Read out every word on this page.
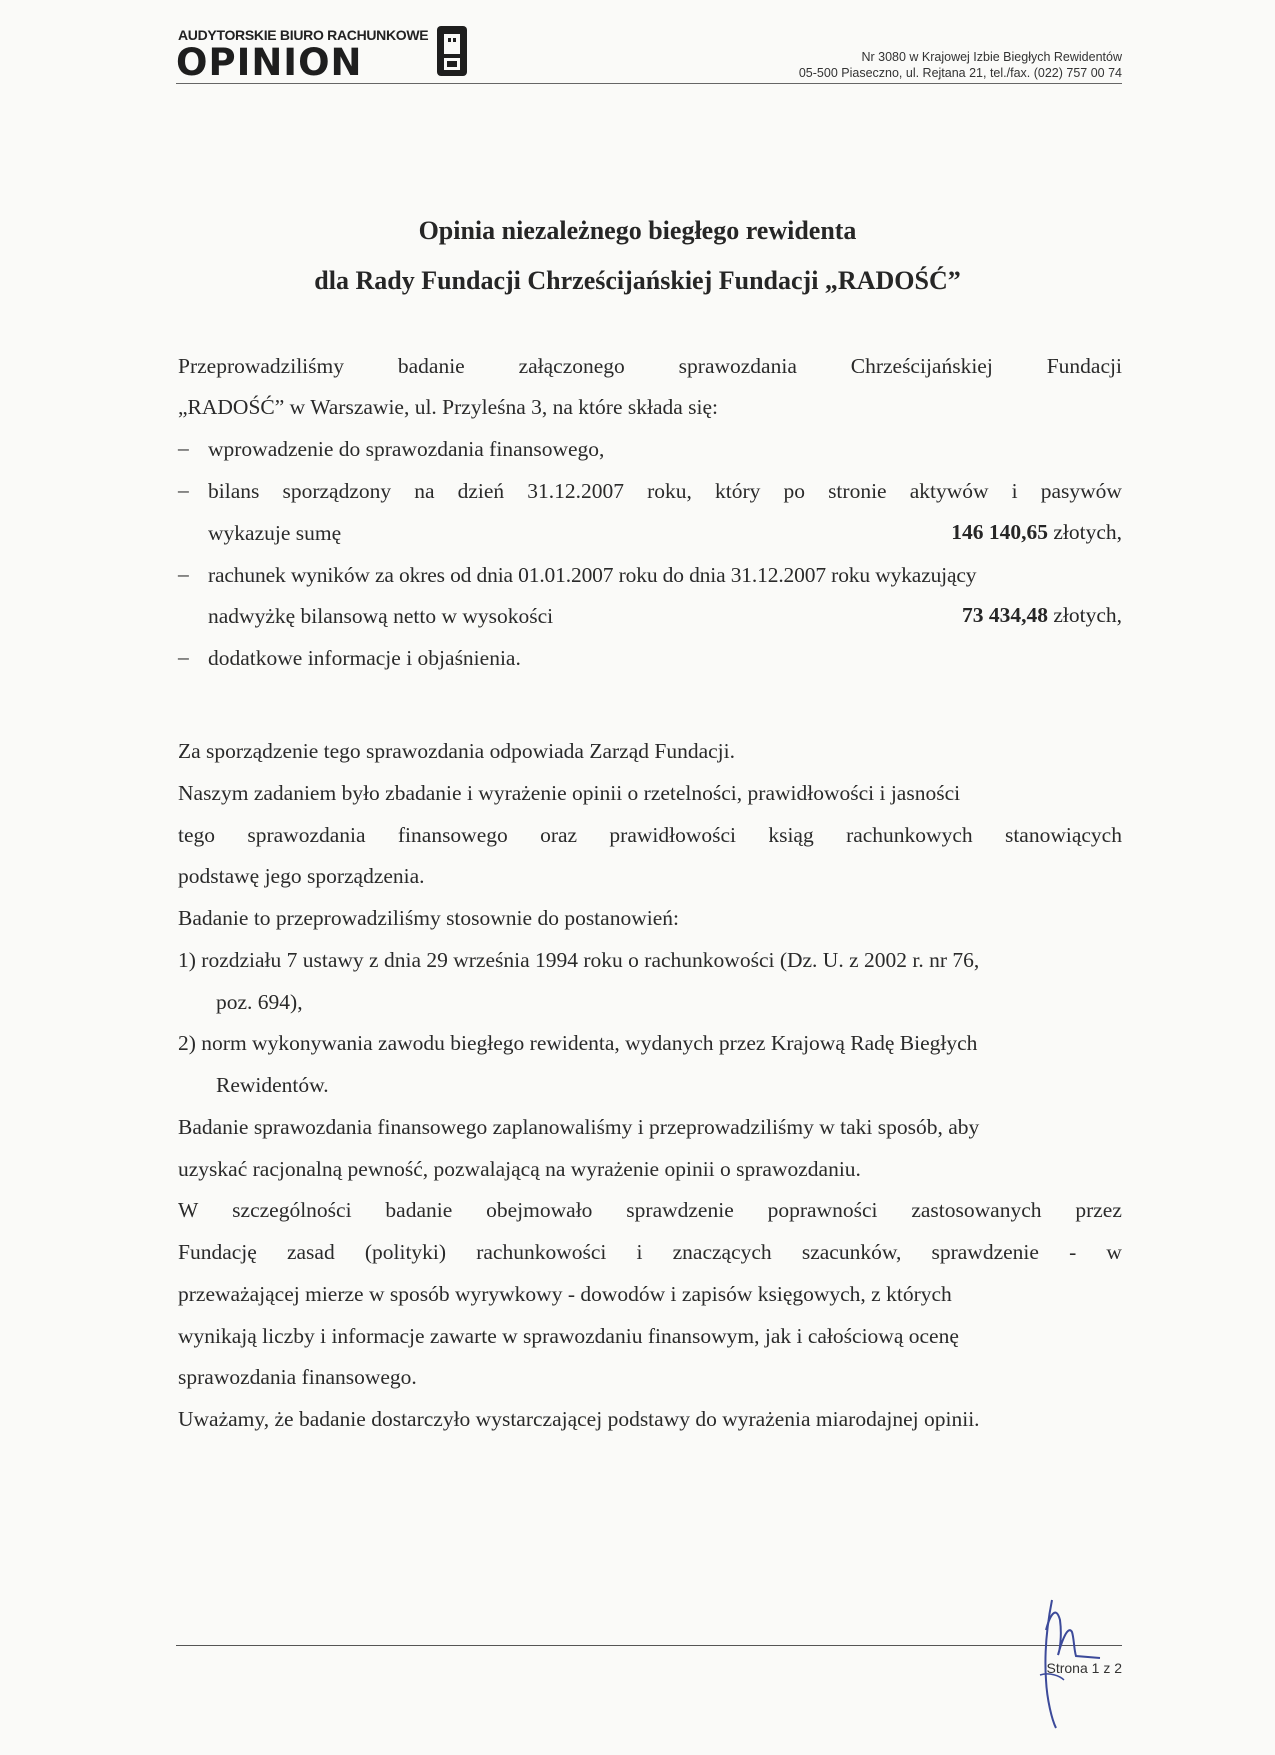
AUDYTORSKIE BIURO RACHUNKOWE
OPINION	Nr 3080 w Krajowej Izbie Biegłych Rewidentów
05-500 Piaseczno, ul. Rejtana 21, tel./fax. (022) 757 00 74
Opinia niezależnego biegłego rewidenta
dla Rady Fundacji Chrześcijańskiej Fundacji „RADOŚĆ”
Przeprowadziliśmy	badanie	załączonego	sprawozdania	Chrześcijańskiej	Fundacji
„RADOŚĆ” w Warszawie, ul. Przyleśna 3, na które składa się:
– wprowadzenie do sprawozdania finansowego,
– bilans sporządzony na dzień 31.12.2007 roku, który po stronie aktywów i pasywów
wykazuje sumę	146 140,65 złotych,
– rachunek wyników za okres od dnia 01.01.2007 roku do dnia 31.12.2007 roku wykazujący
nadwyżkę bilansową netto w wysokości	73 434,48 złotych,
– dodatkowe informacje i objaśnienia.
Za sporządzenie tego sprawozdania odpowiada Zarząd Fundacji.
Naszym zadaniem było zbadanie i wyrażenie opinii o rzetelności, prawidłowości i jasności
tego sprawozdania finansowego oraz prawidłowości ksiąg rachunkowych stanowiących
podstawę jego sporządzenia.
Badanie to przeprowadziliśmy stosownie do postanowień:
1) rozdziału 7 ustawy z dnia 29 września 1994 roku o rachunkowości (Dz. U. z 2002 r. nr 76,
poz. 694),
2) norm wykonywania zawodu biegłego rewidenta, wydanych przez Krajową Radę Biegłych
Rewidentów.
Badanie sprawozdania finansowego zaplanowaliśmy i przeprowadziliśmy w taki sposób, aby
uzyskać racjonalną pewność, pozwalającą na wyrażenie opinii o sprawozdaniu.
W szczególności badanie obejmowało sprawdzenie poprawności zastosowanych przez
Fundację zasad (polityki) rachunkowości i znaczących szacunków, sprawdzenie - w
przeważającej mierze w sposób wyrywkowy - dowodów i zapisów księgowych, z których
wynikają liczby i informacje zawarte w sprawozdaniu finansowym, jak i całościową ocenę
sprawozdania finansowego.
Uważamy, że badanie dostarczyło wystarczającej podstawy do wyrażenia miarodajnej opinii.
Strona 1 z 2
